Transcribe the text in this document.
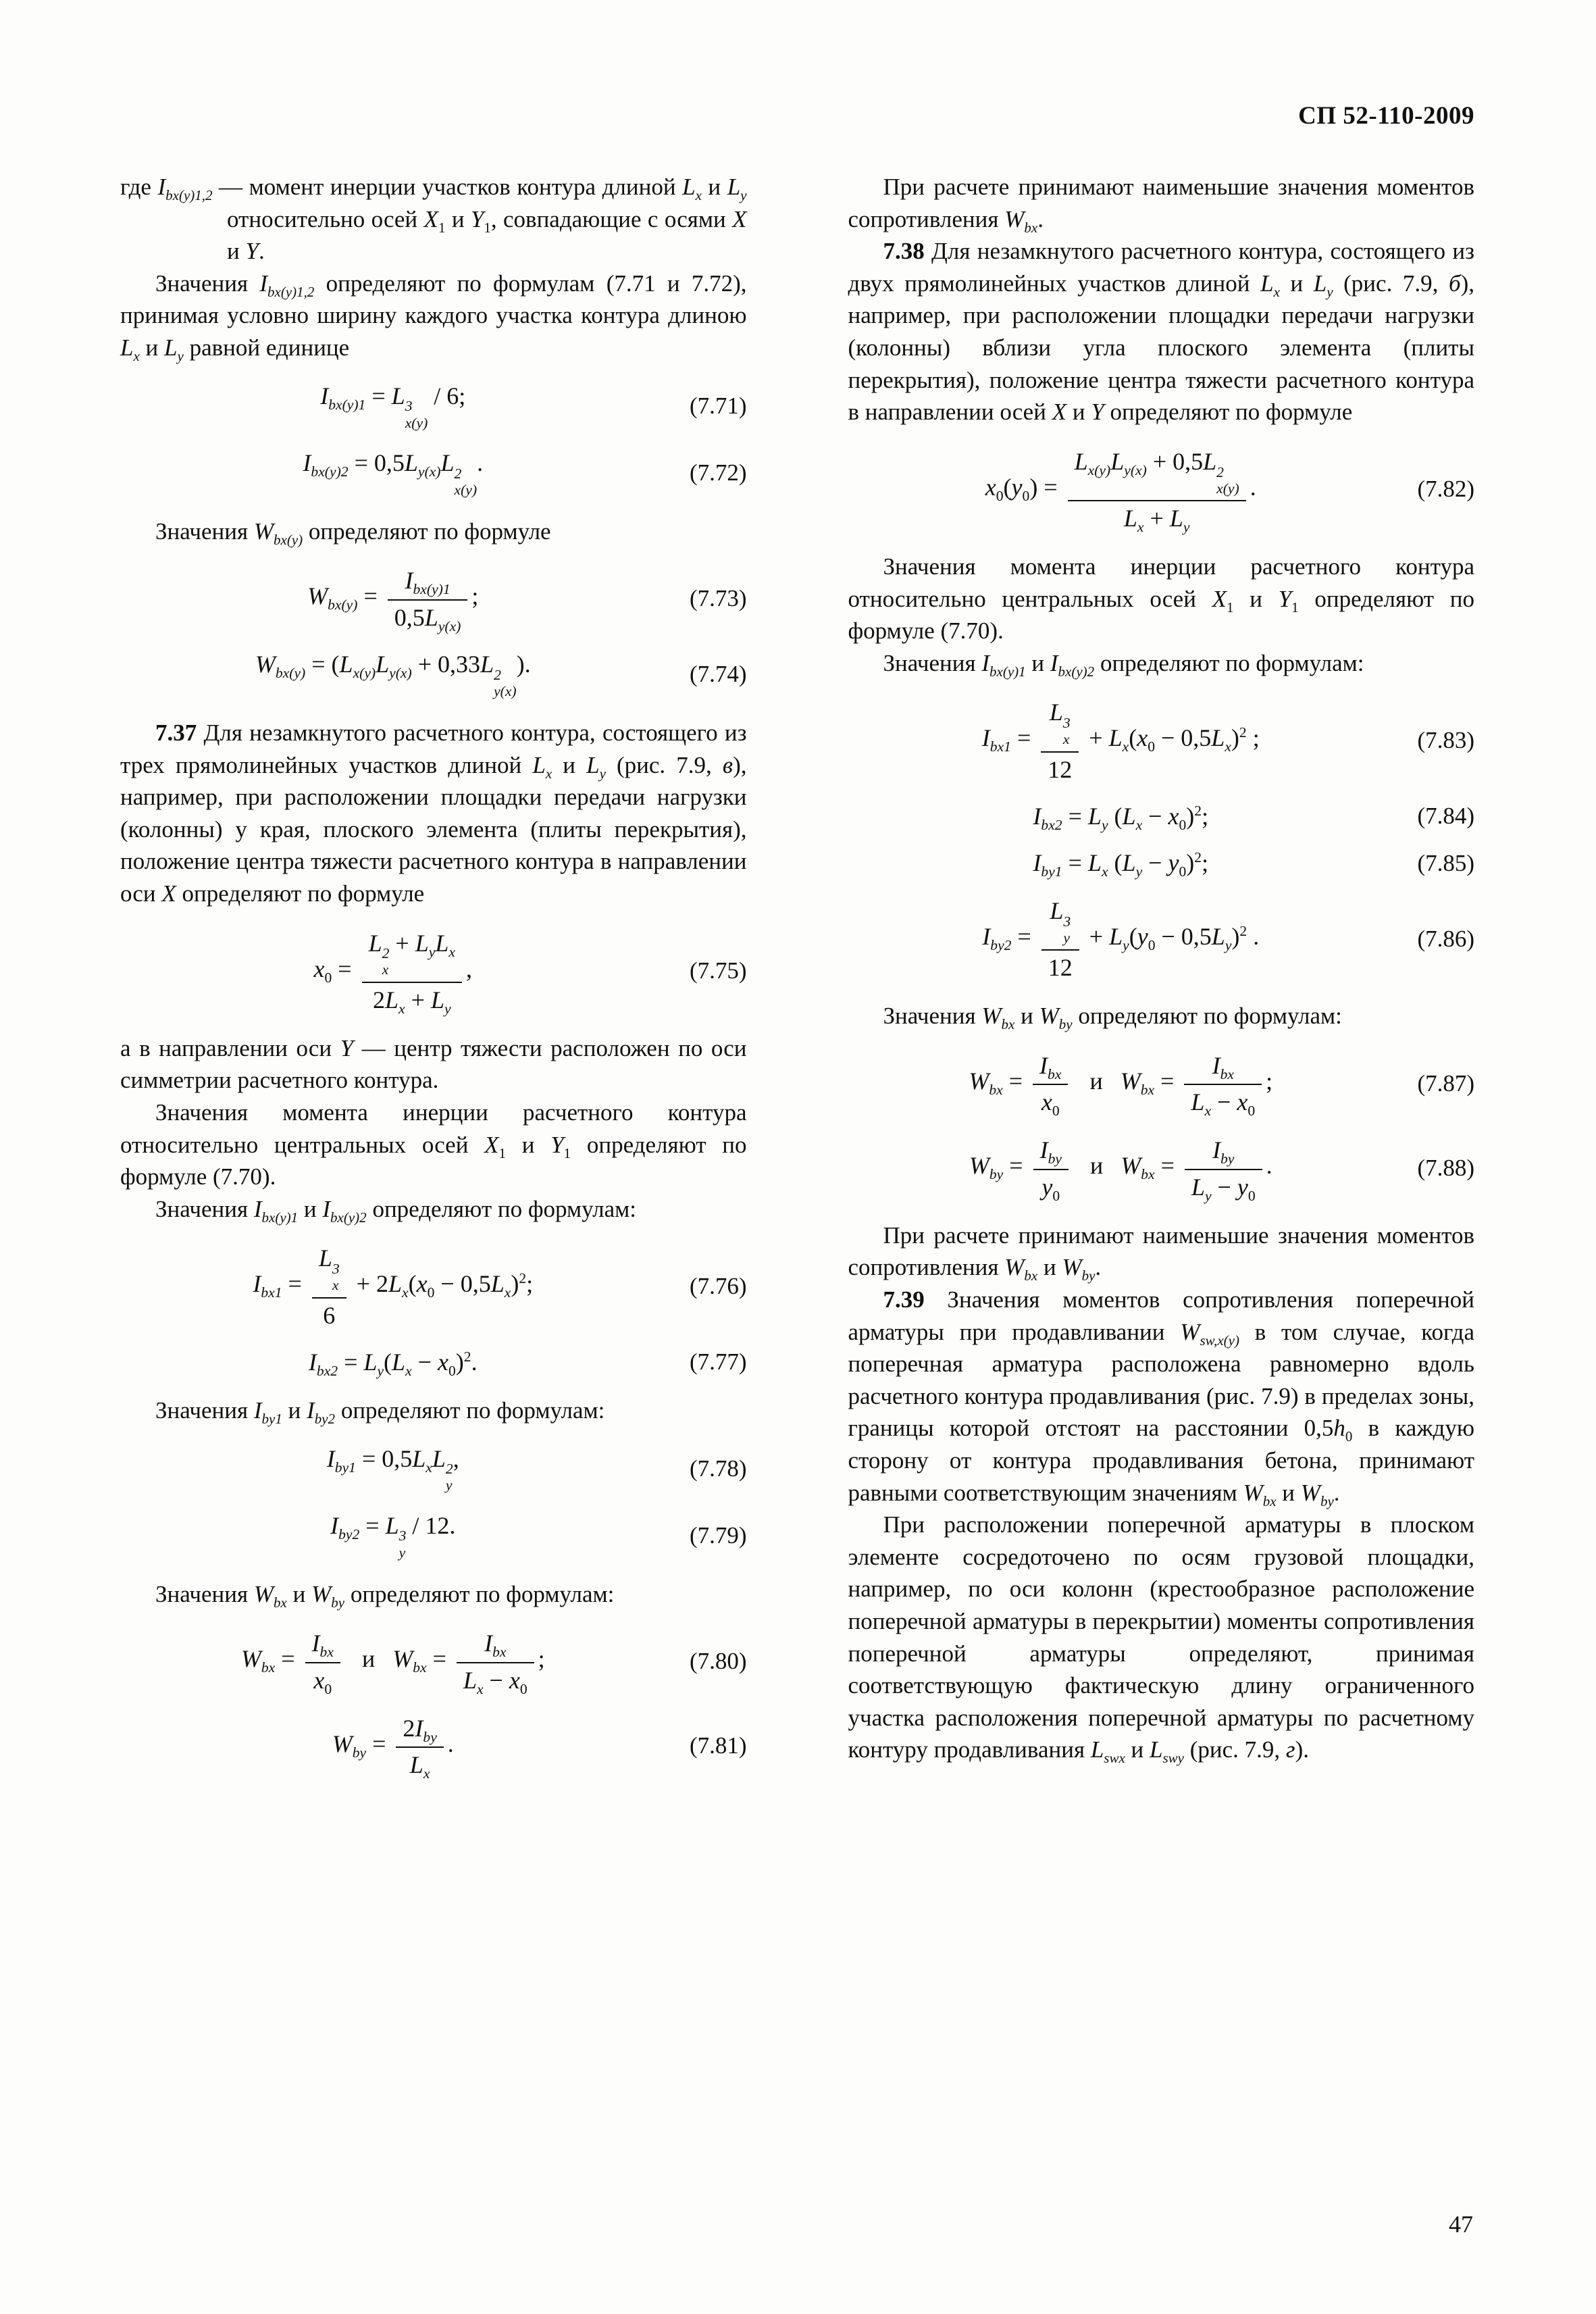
СП 52-110-2009

где $I_{bx(y)1,2}$ — момент инерции участков контура длиной $L_x$ и $L_y$ относительно осей $X_1$ и $Y_1$, совпадающие с осями X и Y.

Значения $I_{bx(y)1,2}$ определяют по формулам (7.71 и 7.72), принимая условно ширину каждого участка контура длиною $L_x$ и $L_y$ равной единице

$I_{bx(y)1} = L$ 3
x(y)
/ 6;	(7.71)
$I_{bx(y)2} = 0,5L_{y(x)}L$ 2
x(y)
.	(7.72)

Значения $W_{bx(y)}$ определяют по формуле

$W_{bx(y)} = \frac{I_{bx(y)1}}{0,5L_{y(x)}}$ ;	(7.73)
$W_{bx(y)} = (L_{x(y)}L_{y(x)} + 0,33L$ 2
y(x)
).	(7.74)

7.37 Для незамкнутого расчетного контура, состоящего из трех прямолинейных участков длиной $L_x$ и $L_y$ (рис. 7.9, в), например, при расположении площадки передачи нагрузки (колонны) у края, плоского элемента (плиты перекрытия), положение центра тяжести расчетного контура в направлении оси X определяют по формуле

$x_0 = L$ 2
x
+ $L_yL_x$
$2L_x + L_y$ ,	(7.75)

а в направлении оси Y — центр тяжести расположен по оси симметрии расчетного контура.

Значения момента инерции расчетного контура относительно центральных осей $X_1$ и $Y_1$ определяют по формуле (7.70).

Значения $I_{bx(y)1}$ и $I_{bx(y)2}$ определяют по формулам:

$I_{bx1} = L$ 3
x
$6 + 2L_x(x_0 - 0,5L_x)^2$;	(7.76)
$I_{bx2} = L_y(L_x - x_0)^2$.	(7.77)

Значения $I_{by1}$ и $I_{by2}$ определяют по формулам:

$I_{by1} = 0,5L_xL$ 2
y
,	(7.78)
$I_{by2} = L$ 3
y
/ 12.	(7.79)

Значения $W_{bx}$ и $W_{by}$ определяют по формулам:

$W_{bx} = \frac{I_{bx}}{x_0}$ и $W_{bx} = \frac{I_{bx}}{L_x - x_0}$ ;	(7.80)
$W_{by} = \frac{2I_{by}}{L_x}$ .	(7.81)

При расчете принимают наименьшие значения моментов сопротивления $W_{bx}$.

7.38 Для незамкнутого расчетного контура, состоящего из двух прямолинейных участков длиной $L_x$ и $L_y$ (рис. 7.9, б), например, при расположении площадки передачи нагрузки (колонны) вблизи угла плоского элемента (плиты перекрытия), положение центра тяжести расчетного контура в направлении осей X и Y определяют по формуле

$x_0(y_0) = L_{x(y)}L_{y(x)} + 0,5L$ 2
x(y)
$L_x + L_y$ .	(7.82)

Значения момента инерции расчетного контура относительно центральных осей $X_1$ и $Y_1$ определяют по формуле (7.70).

Значения $I_{bx(y)1}$ и $I_{bx(y)2}$ определяют по формулам:

$I_{bx1} = L$ 3
x
$12 + L_x(x_0 - 0,5L_x)^2$ ;	(7.83)
$I_{bx2} = L_y$ $(L_x - x_0)^2$;	(7.84)
$I_{by1} = L_x$ $(L_y - y_0)^2$;	(7.85)
$I_{by2} = L$ 3
y
$12 + L_y(y_0 - 0,5L_y)^2$ .	(7.86)

Значения $W_{bx}$ и $W_{by}$ определяют по формулам:

$W_{bx} = \frac{I_{bx}}{x_0}$ и $W_{bx} = \frac{I_{bx}}{L_x - x_0}$ ;	(7.87)
$W_{by} = \frac{I_{by}}{y_0}$ и $W_{bx} = \frac{I_{by}}{L_y - y_0}$ .	(7.88)

При расчете принимают наименьшие значения моментов сопротивления $W_{bx}$ и $W_{by}$.

7.39 Значения моментов сопротивления поперечной арматуры при продавливании $W_{sw,x(y)}$ в том случае, когда поперечная арматура расположена равномерно вдоль расчетного контура продавливания (рис. 7.9) в пределах зоны, границы которой отстоят на расстоянии $0,5h_0$ в каждую сторону от контура продавливания бетона, принимают равными соответствующим значениям $W_{bx}$ и $W_{by}$.

При расположении поперечной арматуры в плоском элементе сосредоточено по осям грузовой площадки, например, по оси колонн (крестообразное расположение поперечной арматуры в перекрытии) моменты сопротивления поперечной арматуры определяют, принимая соответствующую фактическую длину ограниченного участка расположения поперечной арматуры по расчетному контуру продавливания $L_{swx}$ и $L_{swy}$ (рис. 7.9, г).

47
